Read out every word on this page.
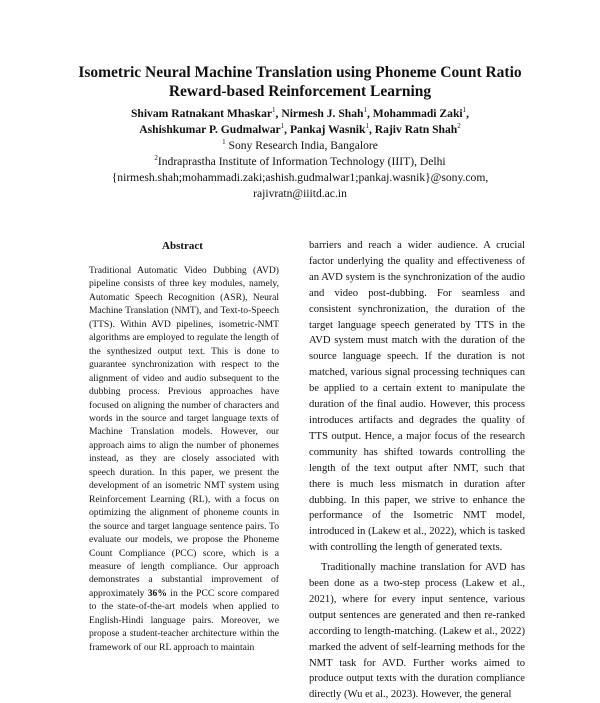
Isometric Neural Machine Translation using Phoneme Count Ratio
Reward-based Reinforcement Learning
Shivam Ratnakant Mhaskar$^1$, Nirmesh J. Shah$^1$, Mohammadi Zaki$^1$,
Ashishkumar P. Gudmalwar$^1$, Pankaj Wasnik$^1$, Rajiv Ratn Shah$^2$
$^1$ Sony Research India, Bangalore
$^2$Indraprastha Institute of Information Technology (IIIT), Delhi
{nirmesh.shah;mohammadi.zaki;ashish.gudmalwar1;pankaj.wasnik}@sony.com,
rajivratn@iiitd.ac.in
Abstract

Traditional Automatic Video Dubbing (AVD) pipeline consists of three key modules, namely, Automatic Speech Recognition (ASR), Neural Machine Translation (NMT), and Text-to-Speech (TTS). Within AVD pipelines, isometric-NMT algorithms are employed to regulate the length of the synthesized output text. This is done to guarantee synchronization with respect to the alignment of video and audio subsequent to the dubbing process. Previous approaches have focused on aligning the number of characters and words in the source and target language texts of Machine Translation models. However, our approach aims to align the number of phonemes instead, as they are closely associated with speech duration. In this paper, we present the development of an isometric NMT system using Reinforcement Learning (RL), with a focus on optimizing the alignment of phoneme counts in the source and target language sentence pairs. To evaluate our models, we propose the Phoneme Count Compliance (PCC) score, which is a measure of length compliance. Our approach demonstrates a substantial improvement of approximately 36% in the PCC score compared to the state-of-the-art models when applied to English-Hindi language pairs. Moreover, we propose a student-teacher architecture within the framework of our RL approach to maintain

barriers and reach a wider audience. A crucial factor underlying the quality and effectiveness of an AVD system is the synchronization of the audio and video post-dubbing. For seamless and consistent synchronization, the duration of the target language speech generated by TTS in the AVD system must match with the duration of the source language speech. If the duration is not matched, various signal processing techniques can be applied to a certain extent to manipulate the duration of the final audio. However, this process introduces artifacts and degrades the quality of TTS output. Hence, a major focus of the research community has shifted towards controlling the length of the text output after NMT, such that there is much less mismatch in duration after dubbing. In this paper, we strive to enhance the performance of the Isometric NMT model, introduced in (Lakew et al., 2022), which is tasked with controlling the length of generated texts.

Traditionally machine translation for AVD has been done as a two-step process (Lakew et al., 2021), where for every input sentence, various output sentences are generated and then re-ranked according to length-matching. (Lakew et al., 2022) marked the advent of self-learning methods for the NMT task for AVD. Further works aimed to produce output texts with the duration compliance directly (Wu et al., 2023). However, the general
